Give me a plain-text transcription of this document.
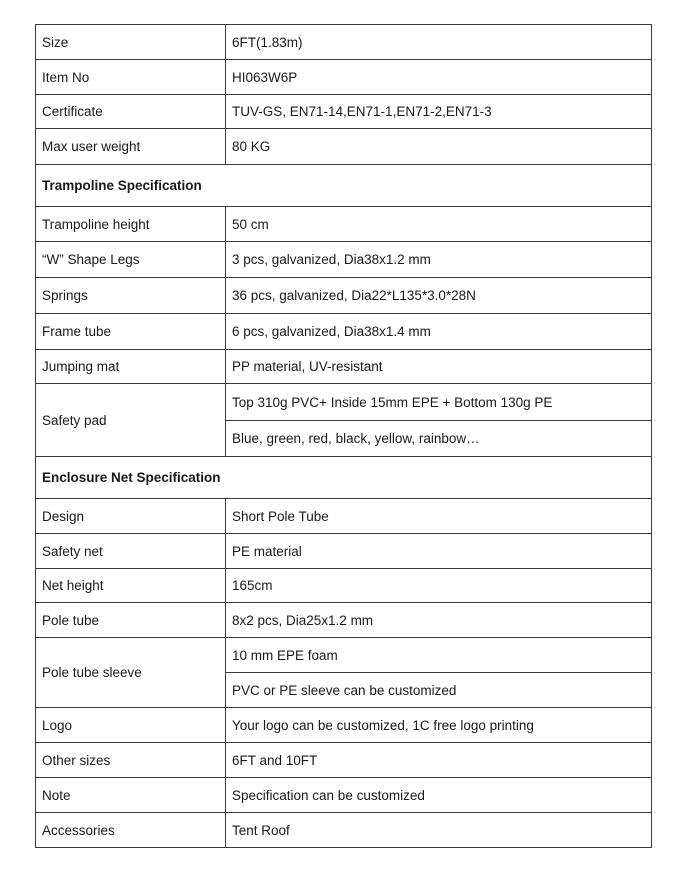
Size	6FT(1.83m)
Item No	HI063W6P
Certificate	TUV-GS, EN71-14,EN71-1,EN71-2,EN71-3
Max user weight	80 KG
Trampoline Specification	
Trampoline height	50 cm
“W” Shape Legs	3 pcs, galvanized, Dia38x1.2 mm
Springs	36 pcs, galvanized, Dia22*L135*3.0*28N
Frame tube	6 pcs, galvanized, Dia38x1.4 mm
Jumping mat	PP material, UV-resistant
Safety pad	Top 310g PVC+ Inside 15mm EPE + Bottom 130g PE
	Blue, green, red, black, yellow, rainbow…
Enclosure Net Specification	
Design	Short Pole Tube
Safety net	PE material
Net height	165cm
Pole tube	8x2 pcs, Dia25x1.2 mm
Pole tube sleeve	10 mm EPE foam
	PVC or PE sleeve can be customized
Logo	Your logo can be customized, 1C free logo printing
Other sizes	6FT and 10FT
Note	Specification can be customized
Accessories	Tent Roof
